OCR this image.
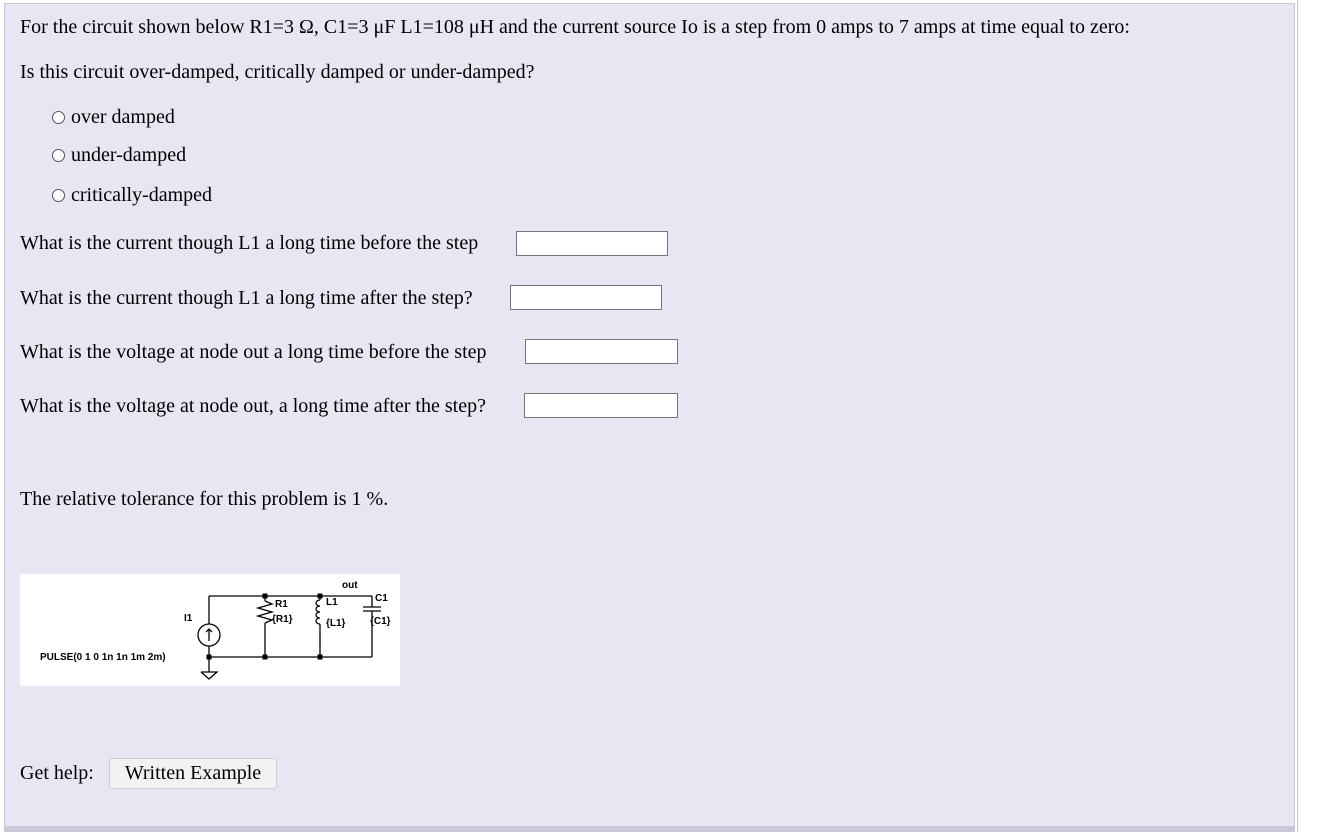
For the circuit shown below R1=3 Ω, C1=3 μF L1=108 μH and the current source Io is a step from 0 amps to 7 amps at time equal to zero:
Is this circuit over-damped, critically damped or under-damped?
over damped
under-damped
critically-damped
What is the current though L1 a long time before the step
What is the current though L1 a long time after the step?
What is the voltage at node out a long time before the step
What is the voltage at node out, a long time after the step?
The relative tolerance for this problem is 1 %.
out
I1
PULSE(0 1 0 1n 1n 1m 2m)
R1
{R1}
L1
{L1}
C1
{C1}
Get help:	Written Example
